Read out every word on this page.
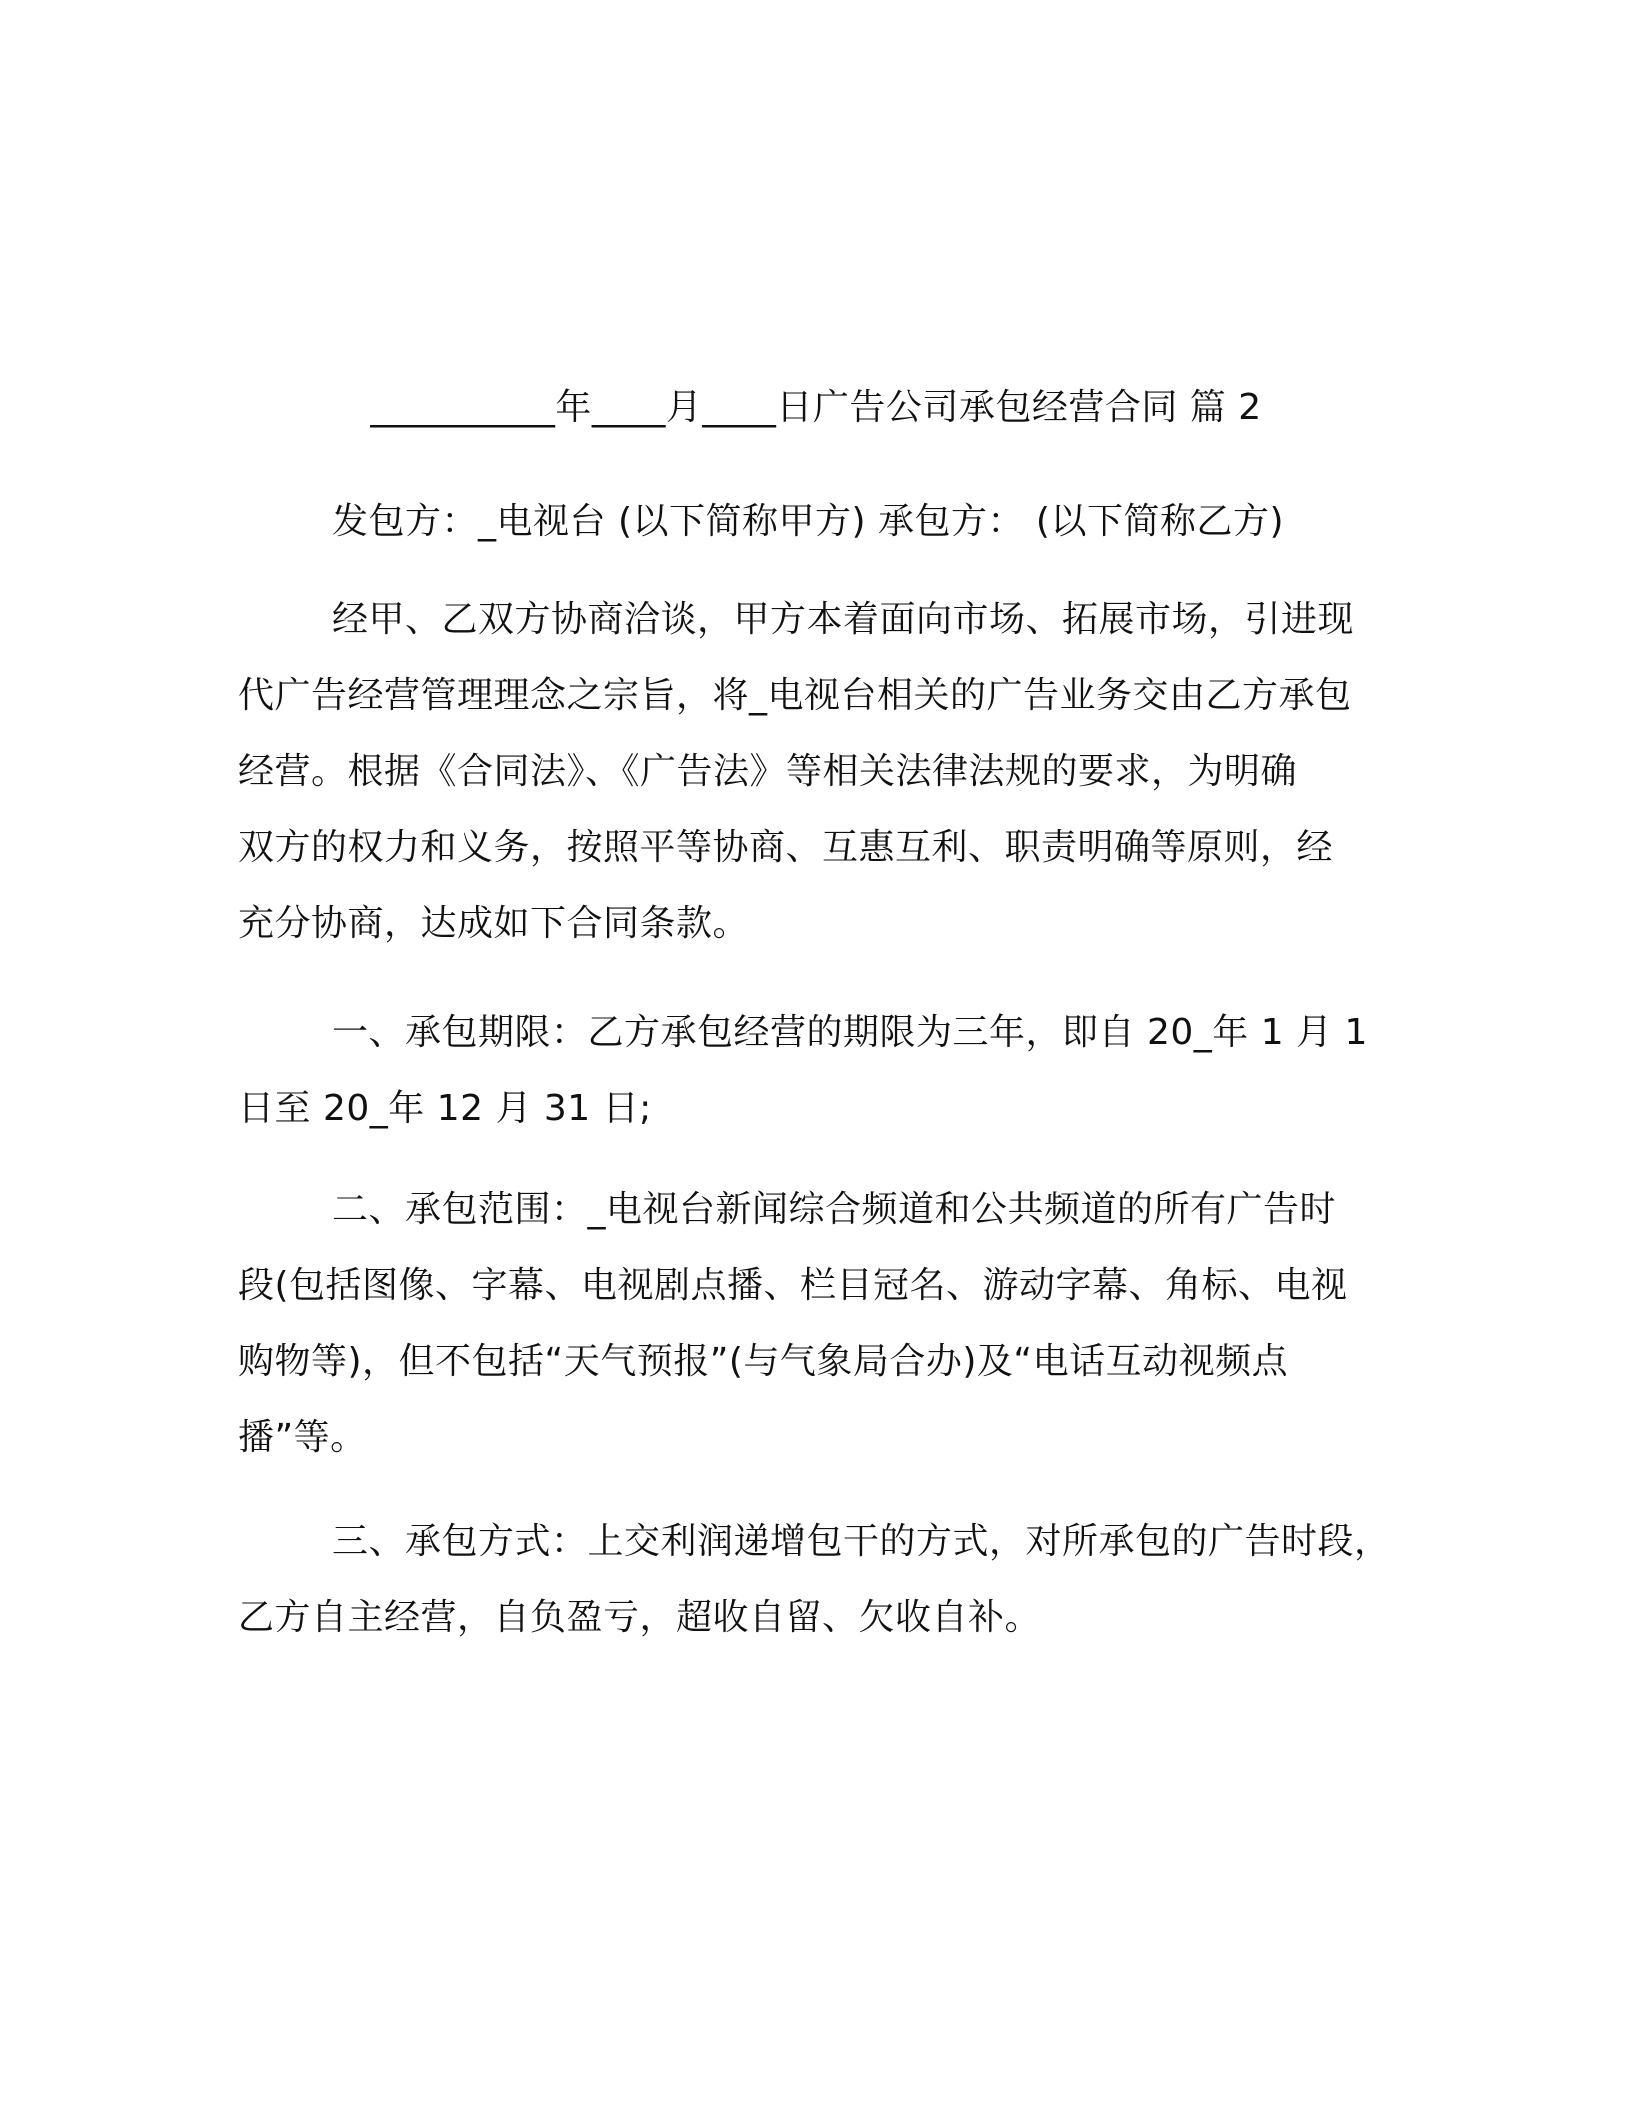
__________年____月____日广告公司承包经营合同 篇 2
发包方：_电视台 (以下简称甲方) 承包方： (以下简称乙方)
经甲、乙双方协商洽谈，甲方本着面向市场、拓展市场，引进现
代广告经营管理理念之宗旨，将_电视台相关的广告业务交由乙方承包
经营。根据《合同法》、《广告法》等相关法律法规的要求，为明确
双方的权力和义务，按照平等协商、互惠互利、职责明确等原则，经
充分协商，达成如下合同条款。
一、承包期限：乙方承包经营的期限为三年，即自 20_年 1 月 1
日至 20_年 12 月 31 日;
二、承包范围：_电视台新闻综合频道和公共频道的所有广告时
段(包括图像、字幕、电视剧点播、栏目冠名、游动字幕、角标、电视
购物等)，但不包括“天气预报”(与气象局合办)及“电话互动视频点
播”等。
三、承包方式：上交利润递增包干的方式，对所承包的广告时段，
乙方自主经营，自负盈亏，超收自留、欠收自补。
